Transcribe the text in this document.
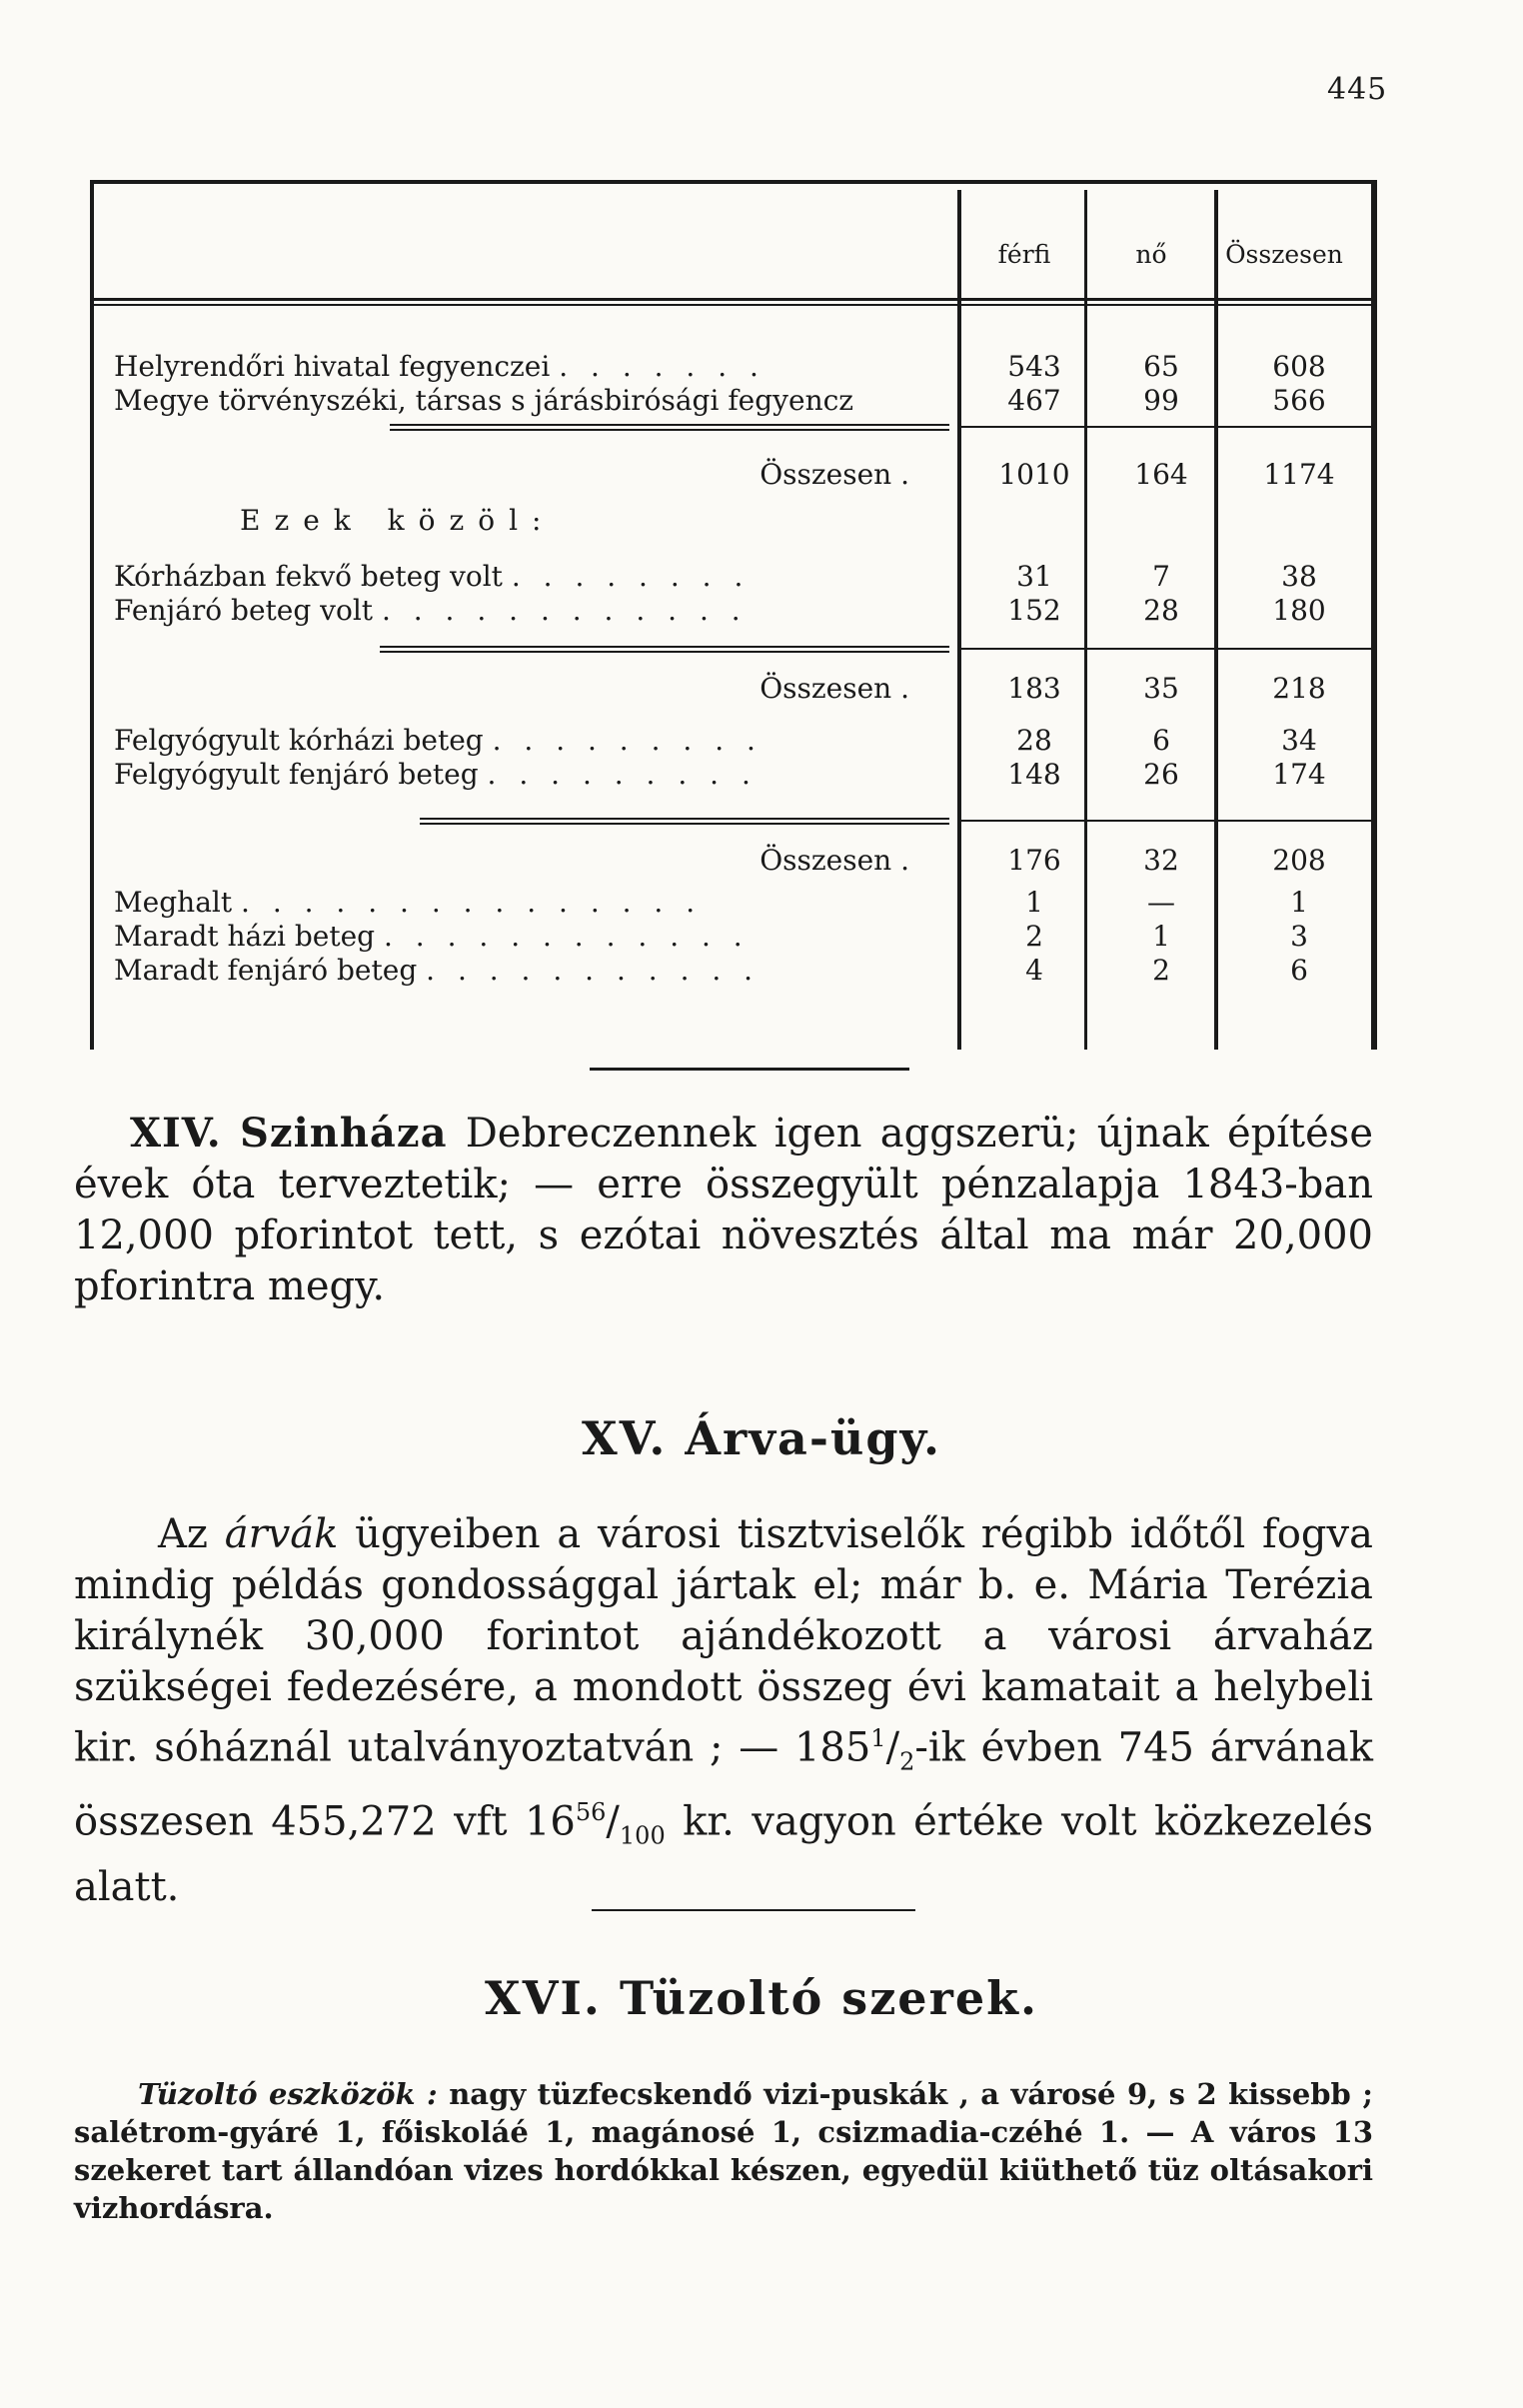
445
férfi	nő	Összesen
Helyrendőri hivatal fegyenczei . . . . . . .	543	65	608
Megye törvényszéki, társas s járásbirósági fegyencz	467	99	566
Összesen .	1010	164	1174
Ezek közöl:
Kórházban fekvő beteg volt . . . . . . . .	31	7	38
Fenjáró beteg volt . . . . . . . . . . . .	152	28	180
Összesen .	183	35	218
Felgyógyult kórházi beteg . . . . . . . . .	28	6	34
Felgyógyult fenjáró beteg . . . . . . . . .	148	26	174
Összesen .	176	32	208
Meghalt . . . . . . . . . . . . . . .	1	—	1
Maradt házi beteg . . . . . . . . . . . .	2	1	3
Maradt fenjáró beteg . . . . . . . . . . .	4	2	6
XIV. Szinháza Debreczennek igen aggszerü; újnak építése évek óta terveztetik; — erre összegyült pénzalapja 1843-ban 12,000 pforintot tett, s ezótai növesztés által ma már 20,000 pforintra megy.
XV. Árva-ügy.
Az árvák ügyeiben a városi tisztviselők régibb időtől fogva mindig példás gondossággal jártak el; már b. e. Mária Terézia királynék 30,000 forintot ajándékozott a városi árvaház szükségei fedezésére, a mondott összeg évi kamatait a helybeli kir. sóháznál utalványoztatván ; — $185^1/_2-ik$ évben 745 árvának összesen 455,272 vft $16^{56}/_{100}$ kr. vagyon értéke volt közkezelés alatt.
XVI. Tüzoltó szerek.
Tüzoltó eszközök : nagy tüzfecskendő vizi-puskák , a városé 9, s 2 kissebb ; salétrom-gyáré 1, főiskoláé 1, magánosé 1, csizmadia-czéhé 1. — A város 13 szekeret tart állandóan vizes hordókkal készen, egyedül kiüthető tüz oltásakori vizhordásra.
